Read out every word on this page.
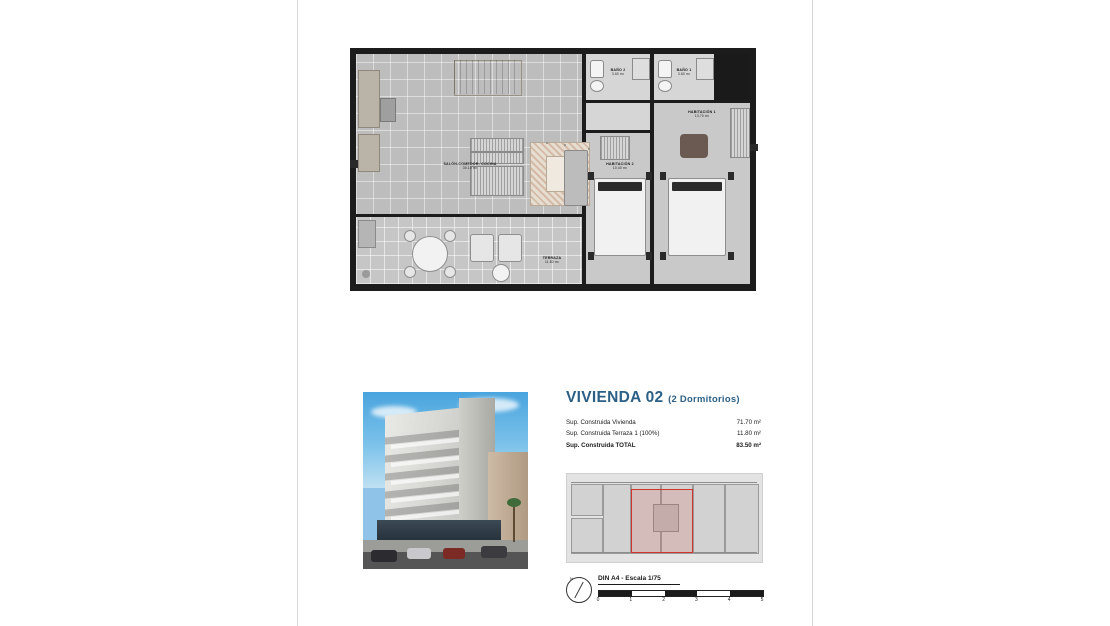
SALÓN-COMEDOR- COCINA
30.10 m²
BAÑO 2
3.60 m²
BAÑO 1
3.60 m²
HABITACIÓN 1
13.70 m²
HABITACIÓN 2
10.40 m²
TERRAZA
11.80 m²
VIVIENDA 02 (2 Dormitorios)
Sup. Construida Vivienda	71.70 m²
Sup. Construida Terraza 1 (100%)	11.80 m²
Sup. Construida TOTAL	83.50 m²
N	DIN A4 - Escala 1/75
0	1	2	3	4	5
